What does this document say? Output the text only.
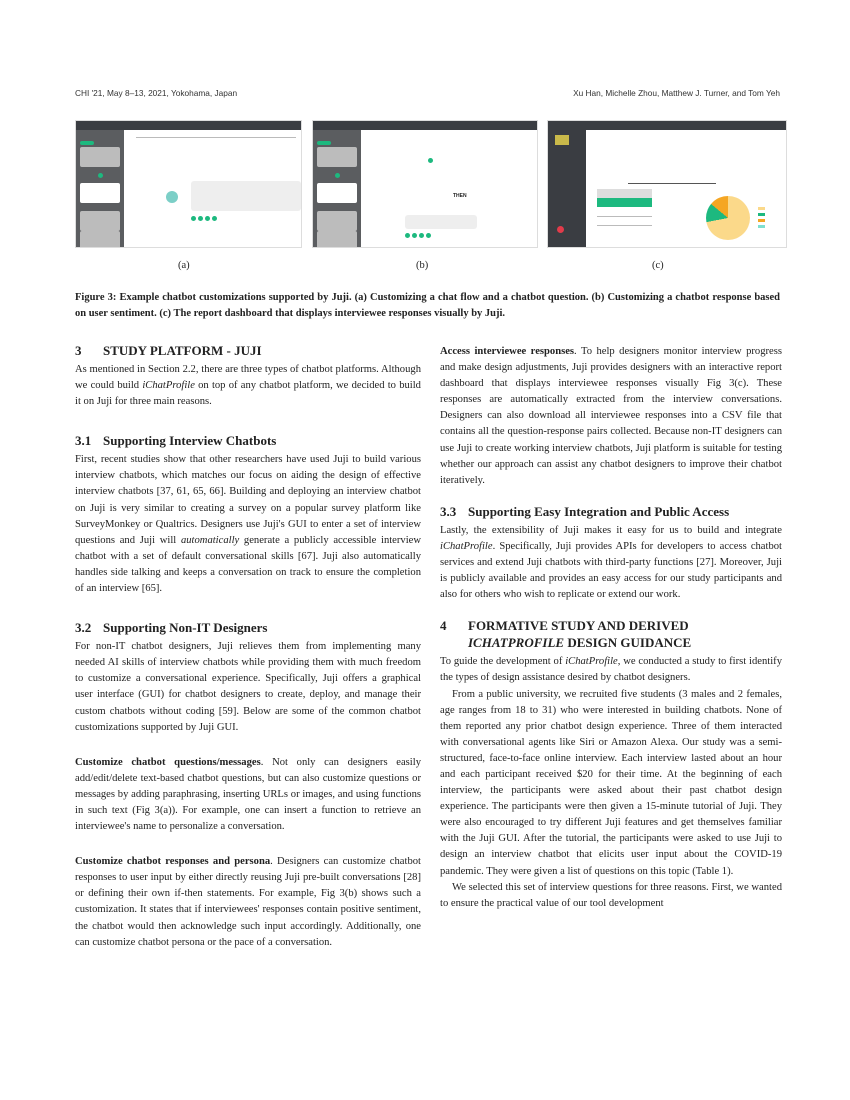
CHI '21, May 8–13, 2021, Yokohama, Japan	Xu Han, Michelle Zhou, Matthew J. Turner, and Tom Yeh
THEN
(a)	(b)	(c)
Figure 3: Example chatbot customizations supported by Juji. (a) Customizing a chat flow and a chatbot question. (b) Customizing a chatbot response based on user sentiment. (c) The report dashboard that displays interviewee responses visually by Juji.
3 STUDY PLATFORM - JUJI

As mentioned in Section 2.2, there are three types of chatbot platforms. Although we could build iChatProfile on top of any chatbot platform, we decided to build it on Juji for three main reasons.

3.1 Supporting Interview Chatbots

First, recent studies show that other researchers have used Juji to build various interview chatbots, which matches our focus on aiding the design of effective interview chatbots [37, 61, 65, 66]. Building and deploying an interview chatbot on Juji is very similar to creating a survey on a popular survey platform like SurveyMonkey or Qualtrics. Designers use Juji's GUI to enter a set of interview questions and Juji will automatically generate a publicly accessible interview chatbot with a set of default conversational skills [67]. Juji also automatically handles side talking and keeps a conversation on track to ensure the completion of an interview [65].

3.2 Supporting Non-IT Designers

For non-IT chatbot designers, Juji relieves them from implementing many needed AI skills of interview chatbots while providing them with much freedom to customize a conversational experience. Specifically, Juji offers a graphical user interface (GUI) for chatbot designers to create, deploy, and manage their custom chatbots without coding [59]. Below are some of the common chatbot customizations supported by Juji GUI.

Customize chatbot questions/messages. Not only can designers easily add/edit/delete text-based chatbot questions, but can also customize questions or messages by adding paraphrasing, inserting URLs or images, and using functions in such text (Fig 3(a)). For example, one can insert a function to retrieve an interviewee's name to personalize a conversation.

Customize chatbot responses and persona. Designers can customize chatbot responses to user input by either directly reusing Juji pre-built conversations [28] or defining their own if-then statements. For example, Fig 3(b) shows such a customization. It states that if interviewees' responses contain positive sentiment, the chatbot would then acknowledge such input accordingly. Additionally, one can customize chatbot persona or the pace of a conversation.

Access interviewee responses. To help designers monitor interview progress and make design adjustments, Juji provides designers with an interactive report dashboard that displays interviewee responses visually Fig 3(c). These responses are automatically extracted from the interview conversations. Designers can also download all interviewee responses into a CSV file that contains all the question-response pairs collected. Because non-IT designers can use Juji to create working interview chatbots, Juji platform is suitable for testing whether our approach can assist any chatbot designers to improve their chatbot iteratively.

3.3 Supporting Easy Integration and Public Access

Lastly, the extensibility of Juji makes it easy for us to build and integrate iChatProfile. Specifically, Juji provides APIs for developers to access chatbot services and extend Juji chatbots with third-party functions [27]. Moreover, Juji is publicly available and provides an easy access for our study participants and also for others who wish to replicate or extend our work.

4	FORMATIVE STUDY AND DERIVED
ICHATPROFILE DESIGN GUIDANCE

To guide the development of iChatProfile, we conducted a study to first identify the types of design assistance desired by chatbot designers.

From a public university, we recruited five students (3 males and 2 females, age ranges from 18 to 31) who were interested in building chatbots. None of them reported any prior chatbot design experience. Three of them interacted with conversational agents like Siri or Amazon Alexa. Our study was a semi-structured, face-to-face online interview. Each interview lasted about an hour and each participant received $20 for their time. At the beginning of each interview, the participants were asked about their past chatbot design experience. The participants were then given a 15-minute tutorial of Juji. They were also encouraged to try different Juji features and get themselves familiar with the Juji GUI. After the tutorial, the participants were asked to use Juji to design an interview chatbot that elicits user input about the COVID-19 pandemic. They were given a list of questions on this topic (Table 1).

We selected this set of interview questions for three reasons. First, we wanted to ensure the practical value of our tool development
